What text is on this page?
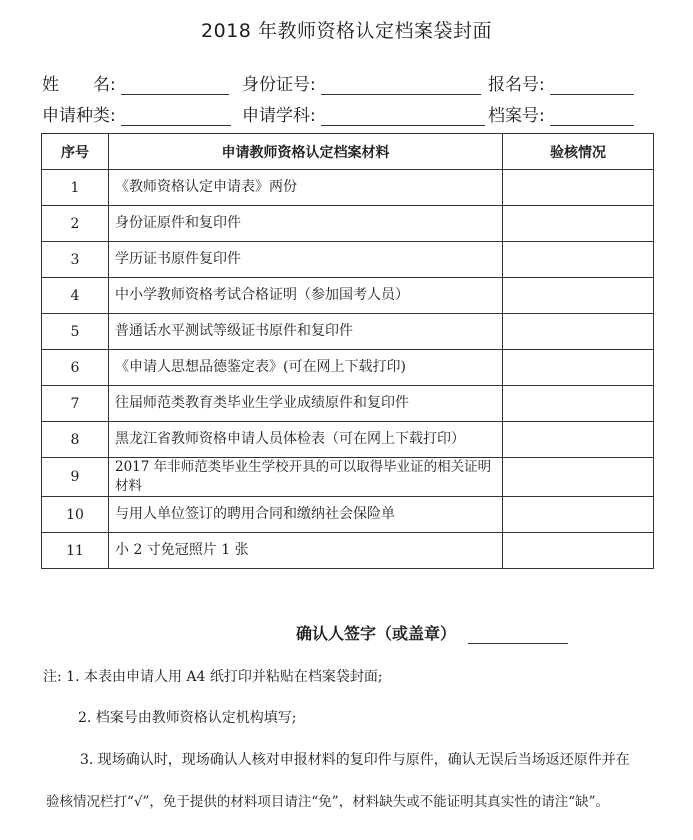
2018 年教师资格认定档案袋封面
姓　　名:	身份证号:	报名号:
申请种类:	申请学科:	档案号:
序号	申请教师资格认定档案材料	验核情况
1	《教师资格认定申请表》两份	
2	身份证原件和复印件	
3	学历证书原件复印件	
4	中小学教师资格考试合格证明（参加国考人员）	
5	普通话水平测试等级证书原件和复印件	
6	《申请人思想品德鉴定表》(可在网上下载打印)	
7	往届师范类教育类毕业生学业成绩原件和复印件	
8	黑龙江省教师资格申请人员体检表（可在网上下载打印）	
9	2017 年非师范类毕业生学校开具的可以取得毕业证的相关证明材料	
10	与用人单位签订的聘用合同和缴纳社会保险单	
11	小 2 寸免冠照片 1 张	
确认人签字（或盖章）
注: 1. 本表由申请人用 A4 纸打印并粘贴在档案袋封面;
2. 档案号由教师资格认定机构填写;
3. 现场确认时，现场确认人核对申报材料的复印件与原件，确认无误后当场返还原件并在
验核情况栏打“√”，免于提供的材料项目请注“免”，材料缺失或不能证明其真实性的请注“缺”。
